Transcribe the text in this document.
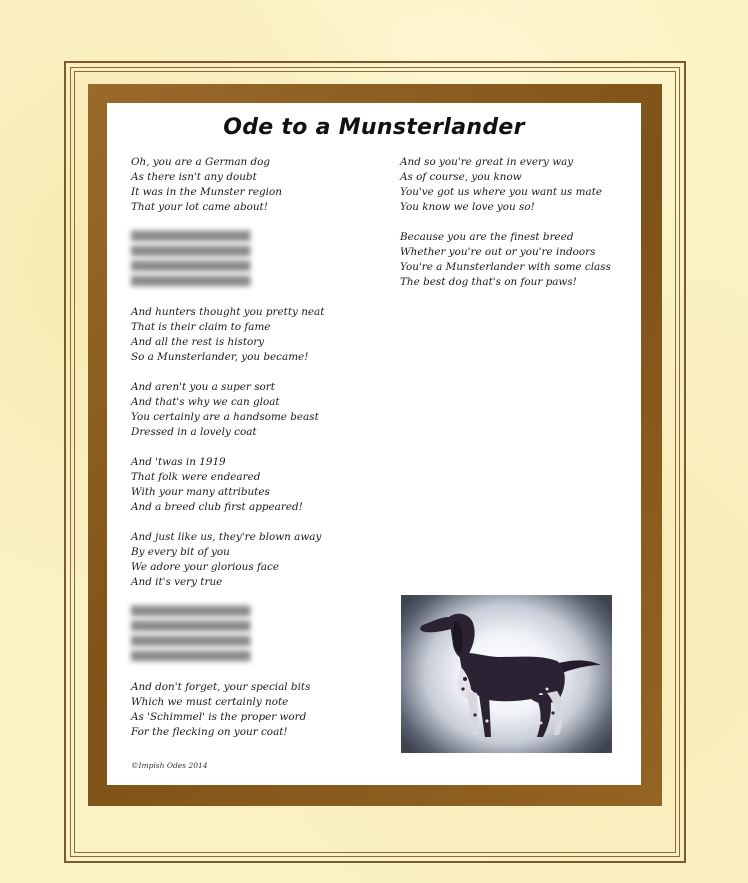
Ode to a Munsterlander
Oh, you are a German dog
As there isn't any doubt
It was in the Munster region
That your lot came about!
████████████████████
████████████████████
████████████████████
████████████████████
And hunters thought you pretty neat
That is their claim to fame
And all the rest is history
So a Munsterlander, you became!
And aren't you a super sort
And that's why we can gloat
You certainly are a handsome beast
Dressed in a lovely coat
And 'twas in 1919
That folk were endeared
With your many attributes
And a breed club first appeared!
And just like us, they're blown away
By every bit of you
We adore your glorious face
And it's very true
████████████████████
████████████████████
████████████████████
████████████████████
And don't forget, your special bits
Which we must certainly note
As 'Schimmel' is the proper word
For the flecking on your coat!
And so you're great in every way
As of course, you know
You've got us where you want us mate
You know we love you so!
Because you are the finest breed
Whether you're out or you're indoors
You're a Munsterlander with some class
The best dog that's on four paws!
©Impish Odes 2014
